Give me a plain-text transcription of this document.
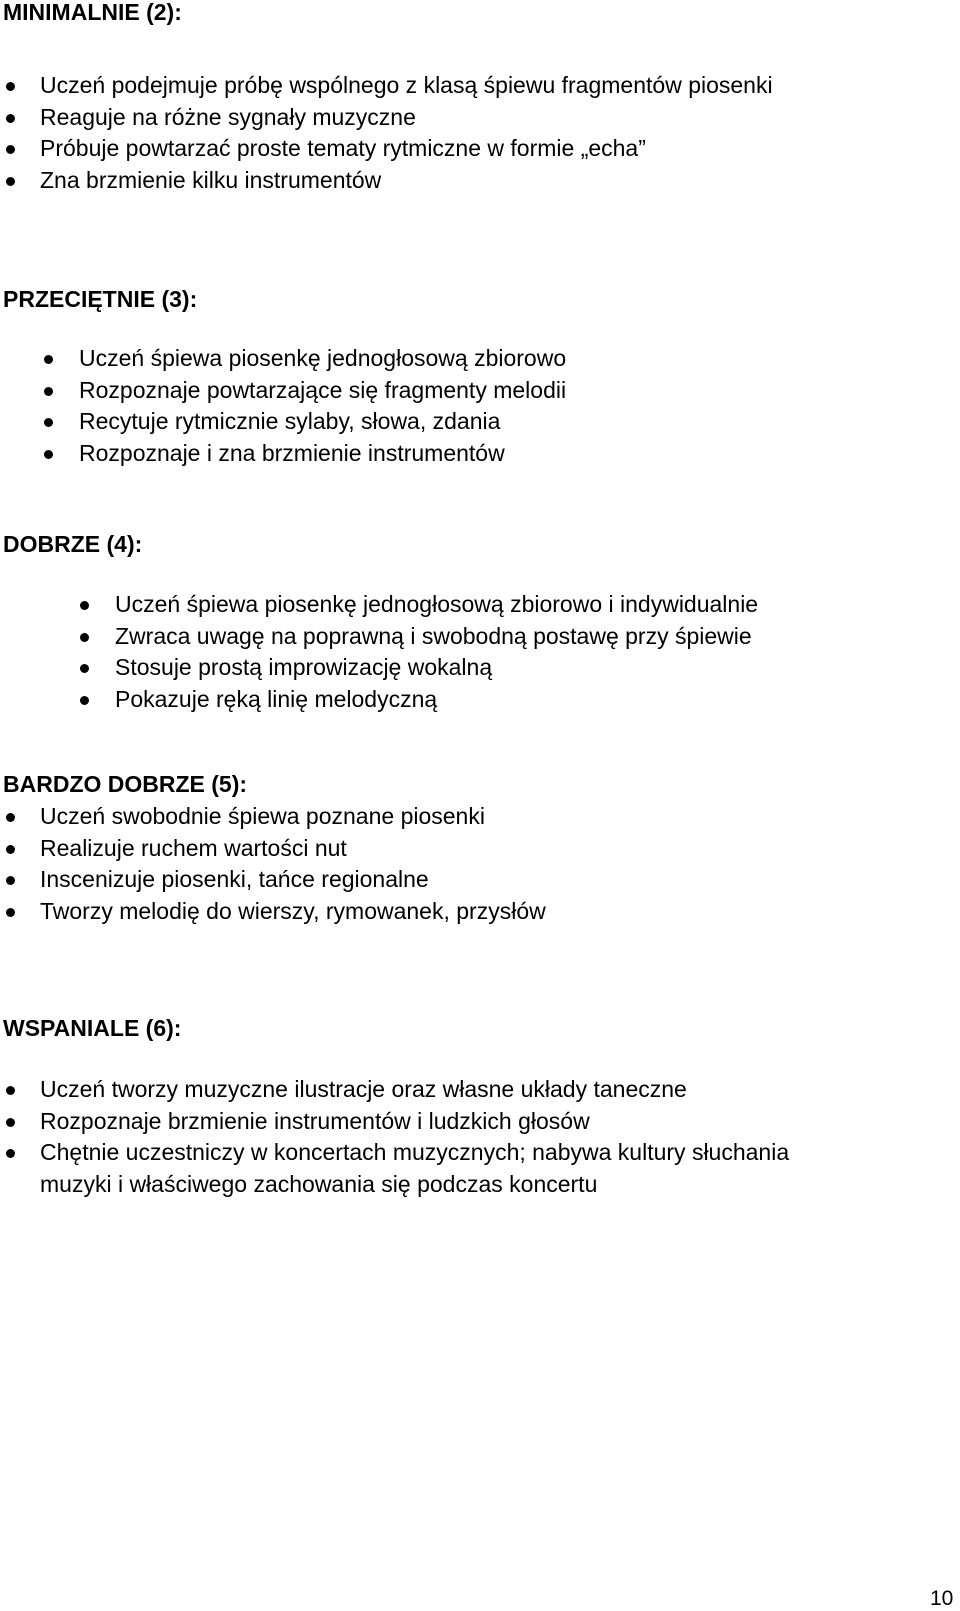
MINIMALNIE (2):
Uczeń podejmuje próbę wspólnego z klasą śpiewu fragmentów piosenki
Reaguje na różne sygnały muzyczne
Próbuje powtarzać proste tematy rytmiczne w formie „echa”
Zna brzmienie kilku instrumentów
PRZECIĘTNIE (3):
Uczeń śpiewa piosenkę jednogłosową zbiorowo
Rozpoznaje powtarzające się fragmenty melodii
Recytuje rytmicznie sylaby, słowa, zdania
Rozpoznaje i zna brzmienie instrumentów
DOBRZE (4):
Uczeń śpiewa piosenkę jednogłosową zbiorowo i indywidualnie
Zwraca uwagę na poprawną i swobodną postawę przy śpiewie
Stosuje prostą improwizację wokalną
Pokazuje ręką linię melodyczną
BARDZO DOBRZE (5):
Uczeń swobodnie śpiewa poznane piosenki
Realizuje ruchem wartości nut
Inscenizuje piosenki, tańce regionalne
Tworzy melodię do wierszy, rymowanek, przysłów
WSPANIALE (6):
Uczeń tworzy muzyczne ilustracje oraz własne układy taneczne
Rozpoznaje brzmienie instrumentów i ludzkich głosów
Chętnie uczestniczy w koncertach muzycznych; nabywa kultury słuchania
muzyki i właściwego zachowania się podczas koncertu
10
